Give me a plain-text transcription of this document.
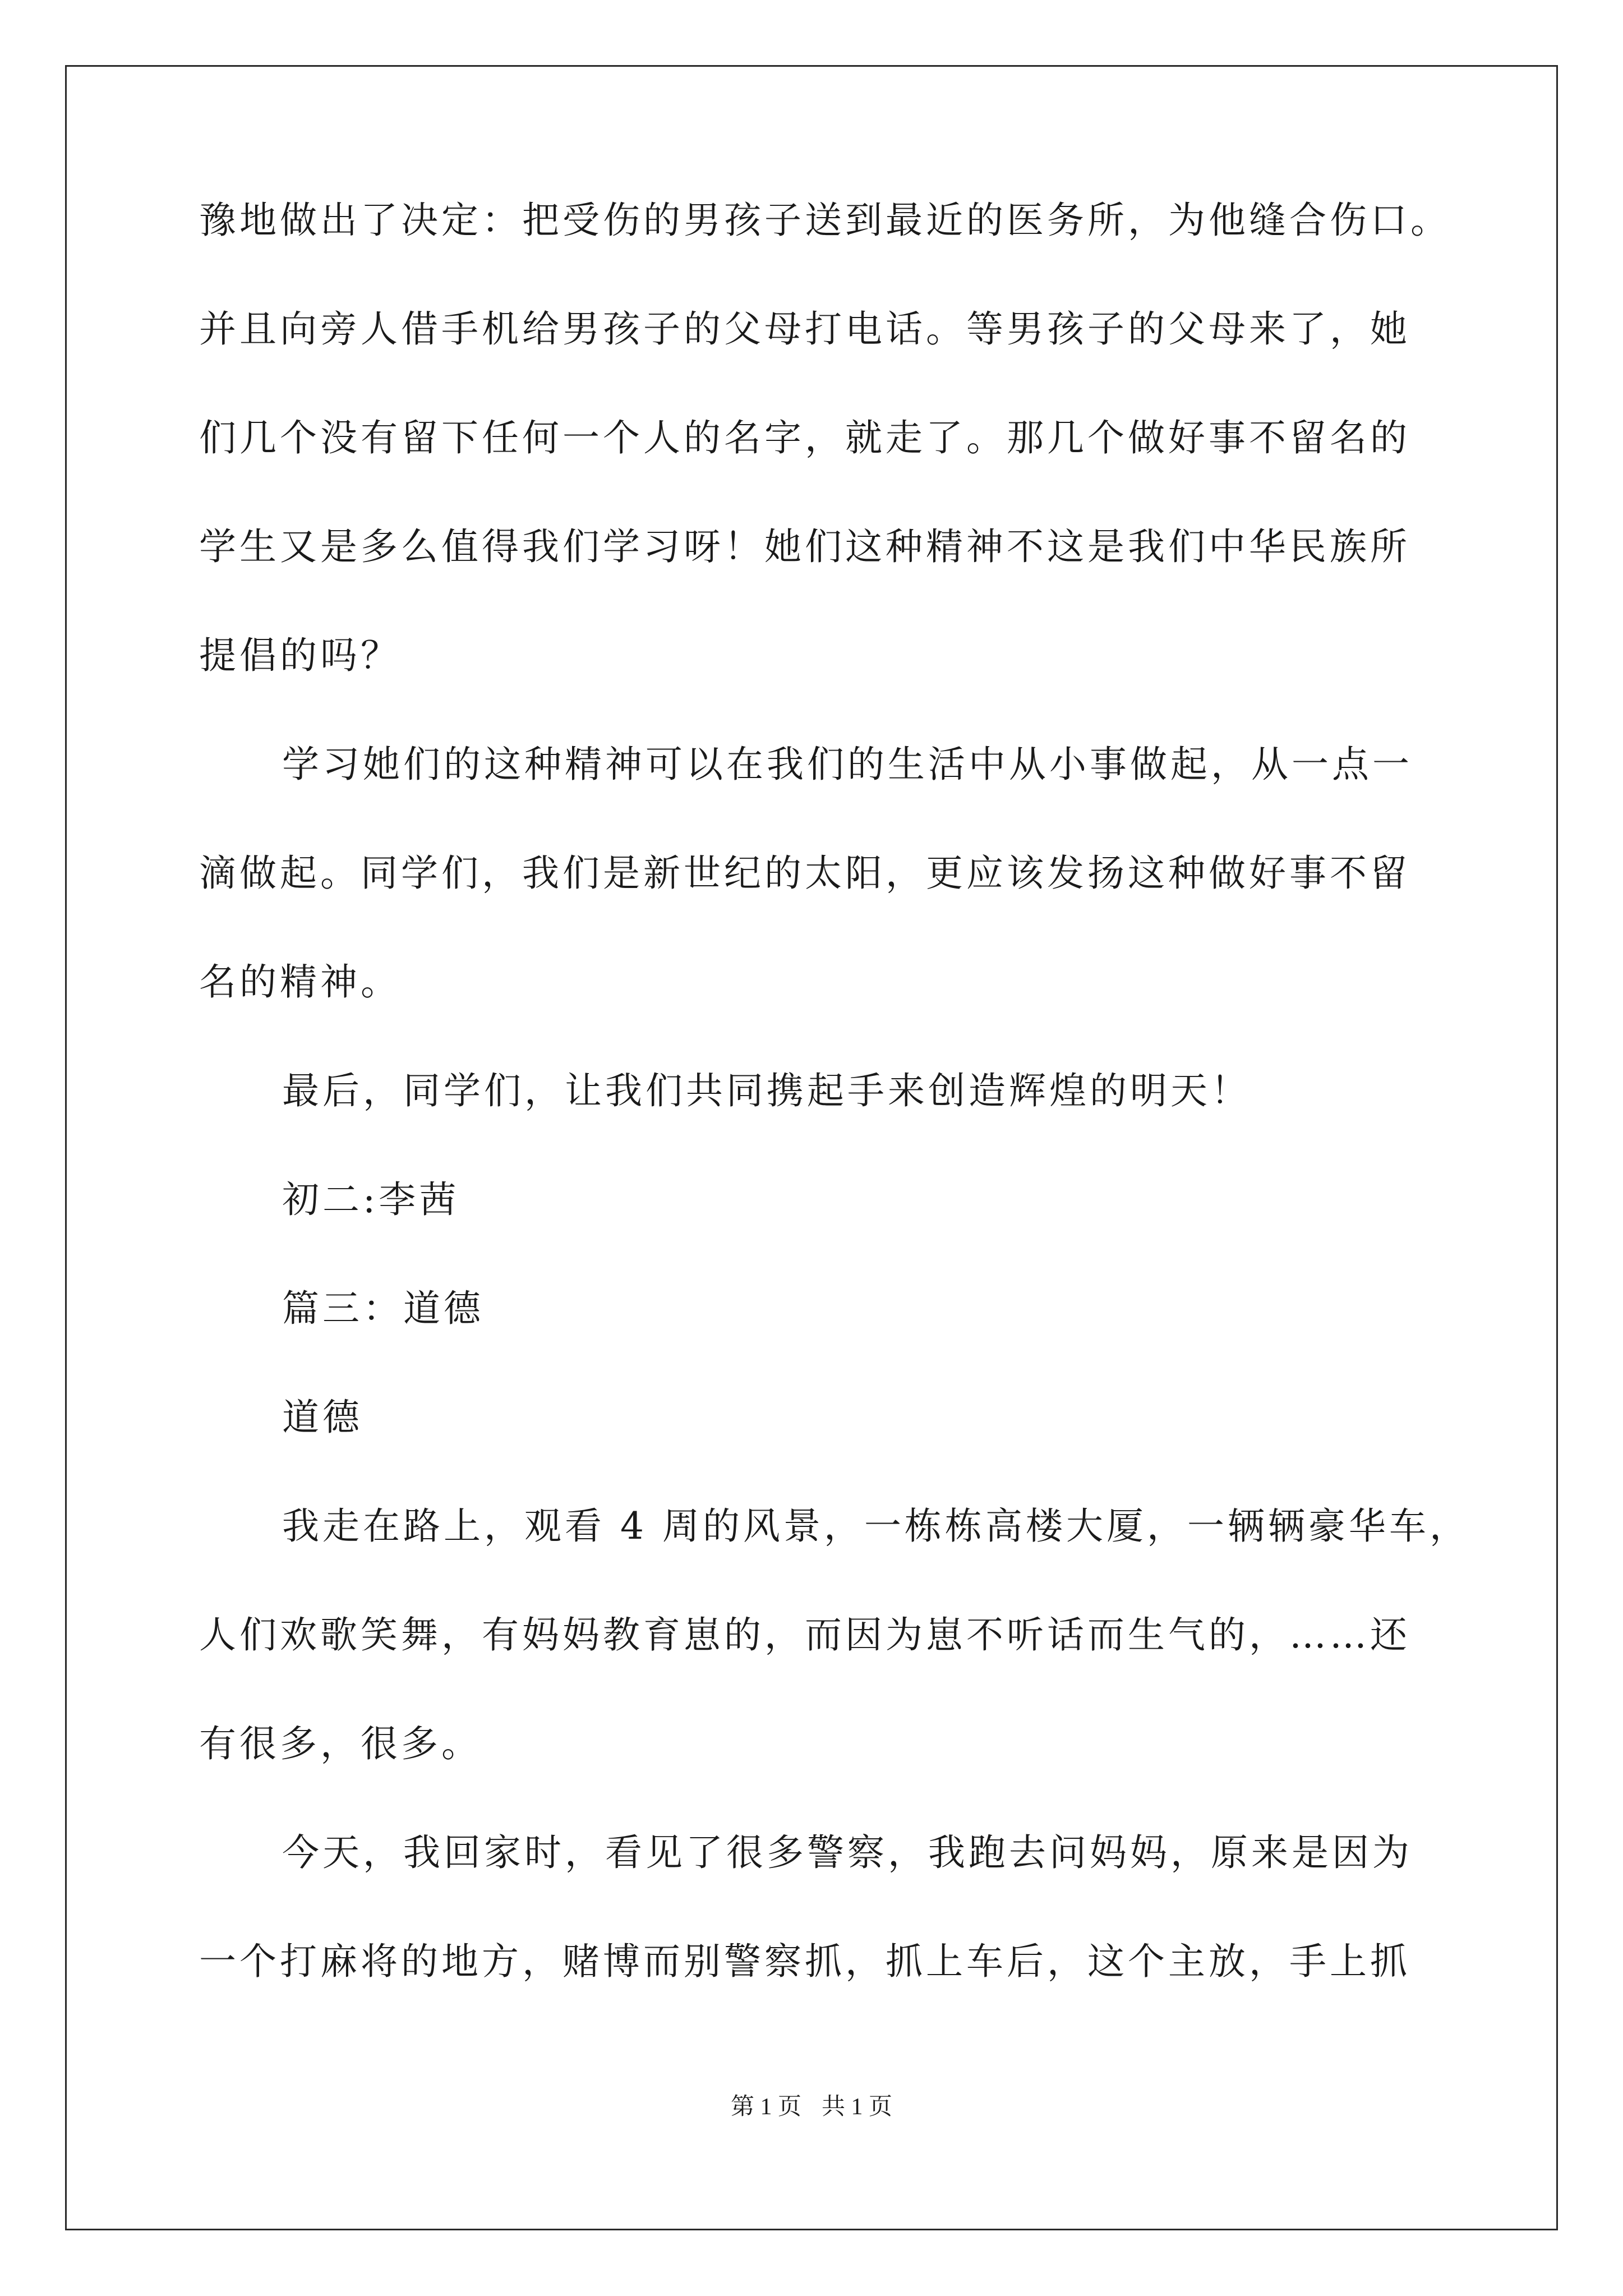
豫地做出了决定：把受伤的男孩子送到最近的医务所，为他缝合伤口。
并且向旁人借手机给男孩子的父母打电话。等男孩子的父母来了，她
们几个没有留下任何一个人的名字，就走了。那几个做好事不留名的
学生又是多么值得我们学习呀！她们这种精神不这是我们中华民族所
提倡的吗？
学习她们的这种精神可以在我们的生活中从小事做起，从一点一
滴做起。同学们，我们是新世纪的太阳，更应该发扬这种做好事不留
名的精神。
最后，同学们，让我们共同携起手来创造辉煌的明天！
初二:李茜
篇三：道德
道德
我走在路上，观看 4 周的风景，一栋栋高楼大厦，一辆辆豪华车，
人们欢歌笑舞，有妈妈教育崽的，而因为崽不听话而生气的，……还
有很多，很多。
今天，我回家时，看见了很多警察，我跑去问妈妈，原来是因为
一个打麻将的地方，赌博而别警察抓，抓上车后，这个主放，手上抓
第 1 页 共 1 页
